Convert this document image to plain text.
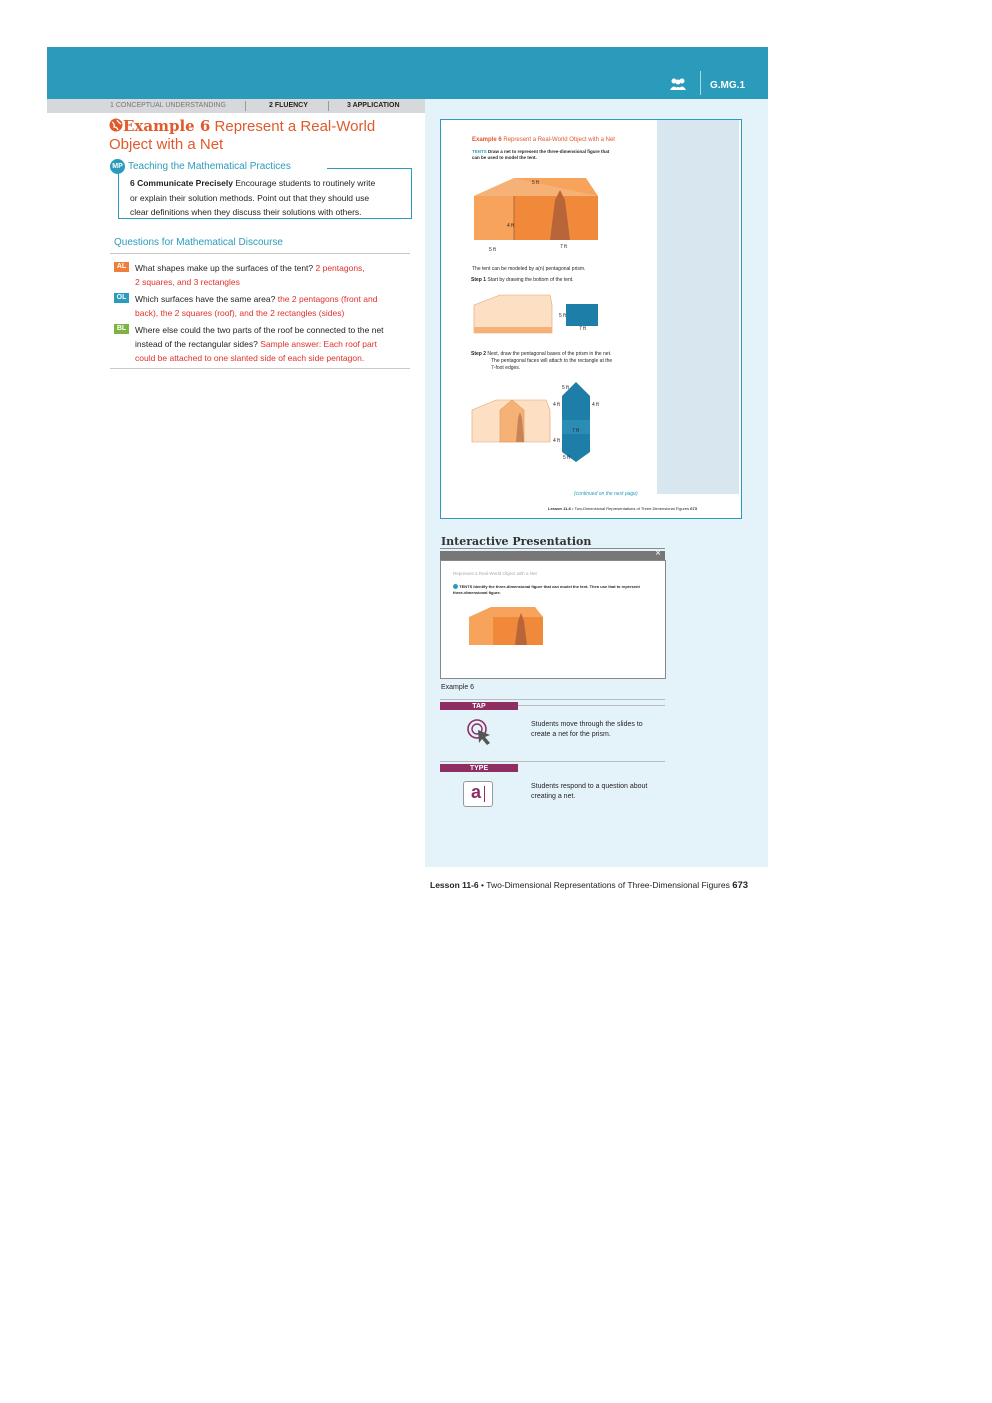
G.MG.1
1 CONCEPTUAL UNDERSTANDING	2 FLUENCY	3 APPLICATION
Example 6 Represent a Real-World
Object with a Net
MP Teaching the Mathematical Practices
6 Communicate Precisely Encourage students to routinely write
or explain their solution methods. Point out that they should use
clear definitions when they discuss their solutions with others.
Questions for Mathematical Discourse
AL	What shapes make up the surfaces of the tent? 2 pentagons,
2 squares, and 3 rectangles
OL	Which surfaces have the same area? the 2 pentagons (front and
back), the 2 squares (roof), and the 2 rectangles (sides)
BL	Where else could the two parts of the roof be connected to the net
instead of the rectangular sides? Sample answer: Each roof part
could be attached to one slanted side of each side pentagon.
Example 6 Represent a Real-World Object with a Net
TENTS Draw a net to represent the three-dimensional figure that
can be used to model the tent.
5 ft
4 ft
5 ft	7 ft
The tent can be modeled by a(n) pentagonal prism.
Step 1 Start by drawing the bottom of the tent.
5 ft
7 ft
Step 2 Next, draw the pentagonal bases of the prism in the net.
The pentagonal faces will attach to the rectangle at the
7-foot edges.
5 ft
4 ft	4 ft
7 ft
4 ft
5 ft
(continued on the next page)
Lesson 11-6 • Two-Dimensional Representations of Three-Dimensional Figures 673
Interactive Presentation
×
Represent a Real-World Object with a Net
TENTS Identify the three-dimensional figure that can model the tent. Then use that to represent three-dimensional figure.
Example 6
TAP
Students move through the slides to
create a net for the prism.
TYPE
a	Students respond to a question about
creating a net.
Lesson 11-6 • Two-Dimensional Representations of Three-Dimensional Figures 673
